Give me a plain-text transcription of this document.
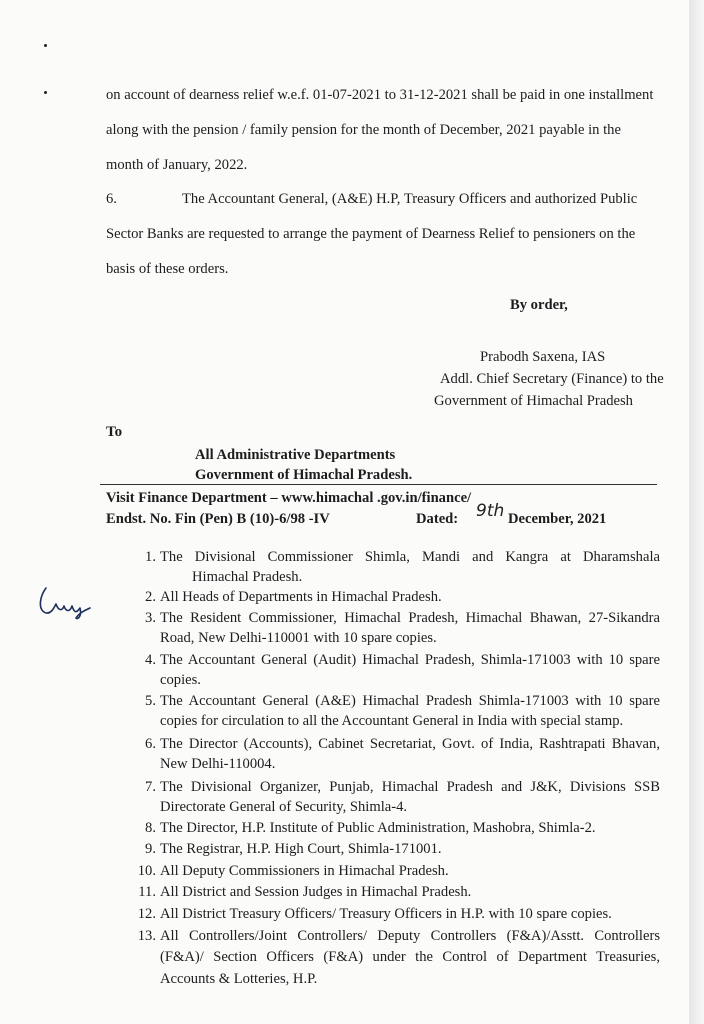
on account of dearness relief w.e.f. 01-07-2021 to 31-12-2021 shall be paid in one installment
along with the pension / family pension for the month of December, 2021 payable in the
month of January, 2022.
6.	The Accountant General, (A&E) H.P, Treasury Officers and authorized Public
Sector Banks are requested to arrange the payment of Dearness Relief to pensioners on the
basis of these orders.
By order,
Prabodh Saxena, IAS
Addl. Chief Secretary (Finance) to the
Government of Himachal Pradesh
To
All Administrative Departments
Government of Himachal Pradesh.
Visit Finance Department – www.himachal .gov.in/finance/
Endst. No. Fin (Pen) B (10)-6/98 -IV	Dated: 9th December, 2021
1. The Divisional Commissioner Shimla, Mandi and Kangra at Dharamshala
Himachal Pradesh.
2. All Heads of Departments in Himachal Pradesh.
3. The Resident Commissioner, Himachal Pradesh, Himachal Bhawan, 27-Sikandra
Road, New Delhi-110001 with 10 spare copies.
4. The Accountant General (Audit) Himachal Pradesh, Shimla-171003 with 10 spare
copies.
5. The Accountant General (A&E) Himachal Pradesh Shimla-171003 with 10 spare
copies for circulation to all the Accountant General in India with special stamp.
6. The Director (Accounts), Cabinet Secretariat, Govt. of India, Rashtrapati Bhavan,
New Delhi-110004.
7. The Divisional Organizer, Punjab, Himachal Pradesh and J&K, Divisions SSB
Directorate General of Security, Shimla-4.
8. The Director, H.P. Institute of Public Administration, Mashobra, Shimla-2.
9. The Registrar, H.P. High Court, Shimla-171001.
10. All Deputy Commissioners in Himachal Pradesh.
11. All District and Session Judges in Himachal Pradesh.
12. All District Treasury Officers/ Treasury Officers in H.P. with 10 spare copies.
13. All Controllers/Joint Controllers/ Deputy Controllers (F&A)/Asstt. Controllers
(F&A)/ Section Officers (F&A) under the Control of Department Treasuries,
Accounts & Lotteries, H.P.
